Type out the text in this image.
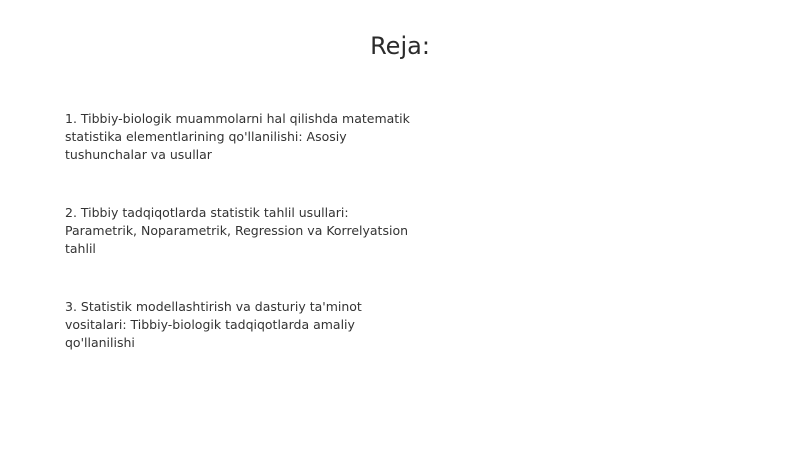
Reja:
1. Tibbiy-biologik muammolarni hal qilishda matematik statistika elementlarining qo'llanilishi: Asosiy tushunchalar va usullar
2. Tibbiy tadqiqotlarda statistik tahlil usullari: Parametrik, Noparametrik, Regression va Korrelyatsion tahlil
3. Statistik modellashtirish va dasturiy ta'minot vositalari: Tibbiy-biologik tadqiqotlarda amaliy qo'llanilishi
